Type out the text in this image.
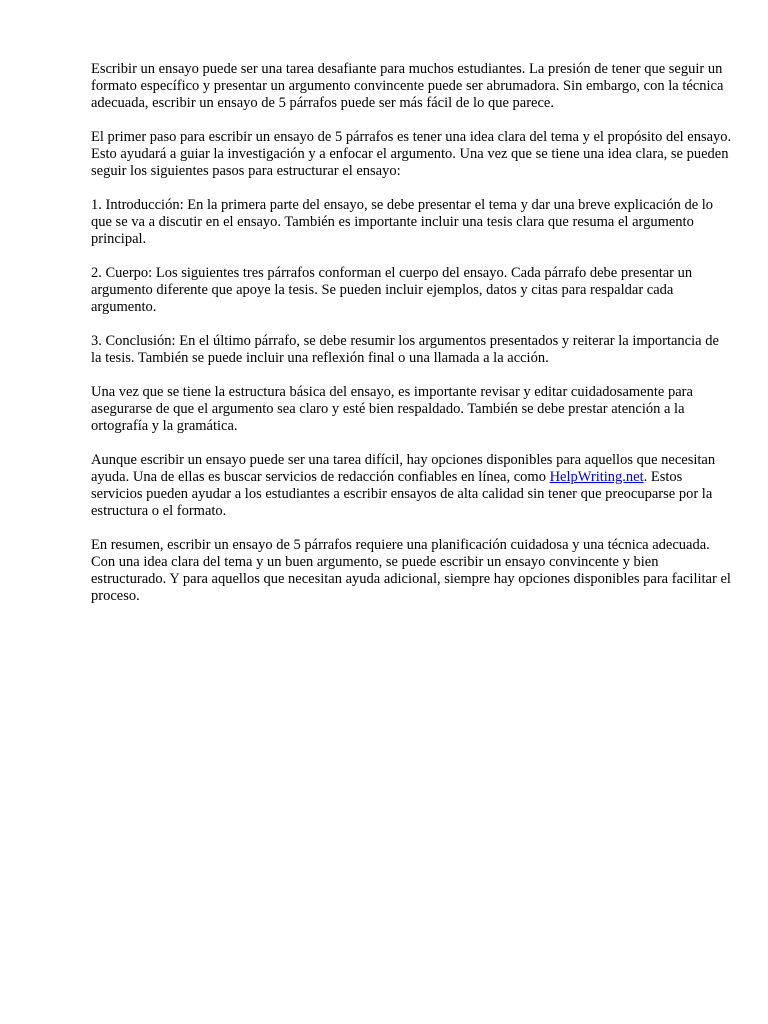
Escribir un ensayo puede ser una tarea desafiante para muchos estudiantes. La presión de tener que seguir un formato específico y presentar un argumento convincente puede ser abrumadora. Sin embargo, con la técnica adecuada, escribir un ensayo de 5 párrafos puede ser más fácil de lo que parece.

El primer paso para escribir un ensayo de 5 párrafos es tener una idea clara del tema y el propósito del ensayo. Esto ayudará a guiar la investigación y a enfocar el argumento. Una vez que se tiene una idea clara, se pueden seguir los siguientes pasos para estructurar el ensayo:

1. Introducción: En la primera parte del ensayo, se debe presentar el tema y dar una breve explicación de lo que se va a discutir en el ensayo. También es importante incluir una tesis clara que resuma el argumento principal.

2. Cuerpo: Los siguientes tres párrafos conforman el cuerpo del ensayo. Cada párrafo debe presentar un argumento diferente que apoye la tesis. Se pueden incluir ejemplos, datos y citas para respaldar cada argumento.

3. Conclusión: En el último párrafo, se debe resumir los argumentos presentados y reiterar la importancia de la tesis. También se puede incluir una reflexión final o una llamada a la acción.

Una vez que se tiene la estructura básica del ensayo, es importante revisar y editar cuidadosamente para asegurarse de que el argumento sea claro y esté bien respaldado. También se debe prestar atención a la ortografía y la gramática.

Aunque escribir un ensayo puede ser una tarea difícil, hay opciones disponibles para aquellos que necesitan ayuda. Una de ellas es buscar servicios de redacción confiables en línea, como HelpWriting.net. Estos servicios pueden ayudar a los estudiantes a escribir ensayos de alta calidad sin tener que preocuparse por la estructura o el formato.

En resumen, escribir un ensayo de 5 párrafos requiere una planificación cuidadosa y una técnica adecuada. Con una idea clara del tema y un buen argumento, se puede escribir un ensayo convincente y bien estructurado. Y para aquellos que necesitan ayuda adicional, siempre hay opciones disponibles para facilitar el proceso.
